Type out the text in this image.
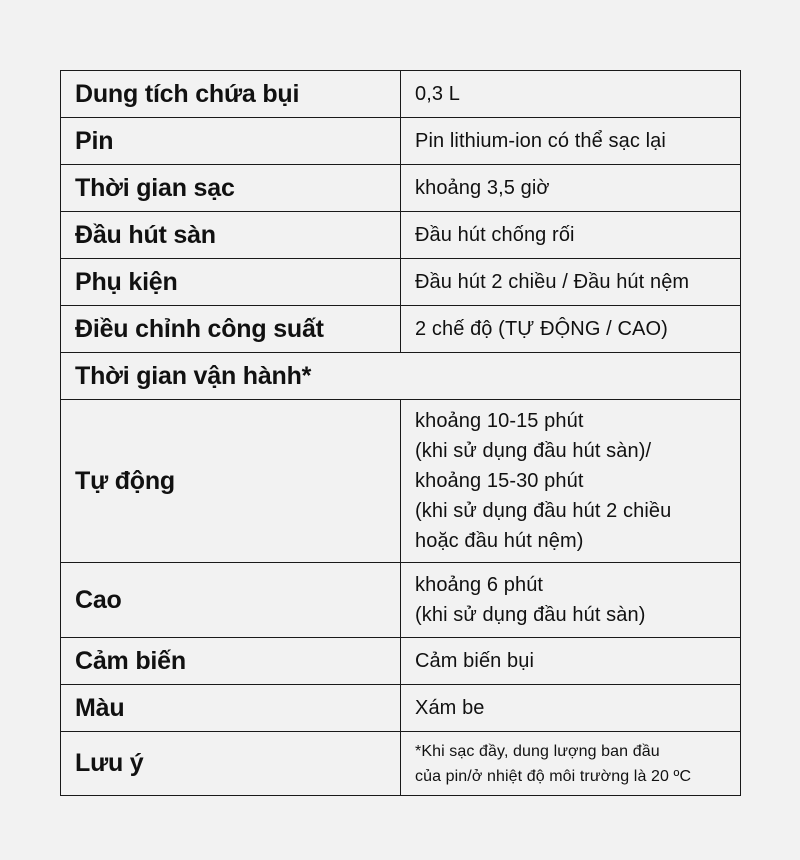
Dung tích chứa bụi	0,3 L
Pin	Pin lithium-ion có thể sạc lại
Thời gian sạc	khoảng 3,5 giờ
Đầu hút sàn	Đầu hút chống rối
Phụ kiện	Đầu hút 2 chiều / Đầu hút nệm
Điều chỉnh công suất	2 chế độ (TỰ ĐỘNG / CAO)
Thời gian vận hành*	
Tự động	khoảng 10-15 phút
(khi sử dụng đầu hút sàn)/
khoảng 15-30 phút
(khi sử dụng đầu hút 2 chiều
hoặc đầu hút nệm)

Cao	khoảng 6 phút
(khi sử dụng đầu hút sàn)

Cảm biến	Cảm biến bụi
Màu	Xám be
Lưu ý	*Khi sạc đầy, dung lượng ban đầu
của pin/ở nhiệt độ môi trường là 20 ºC
